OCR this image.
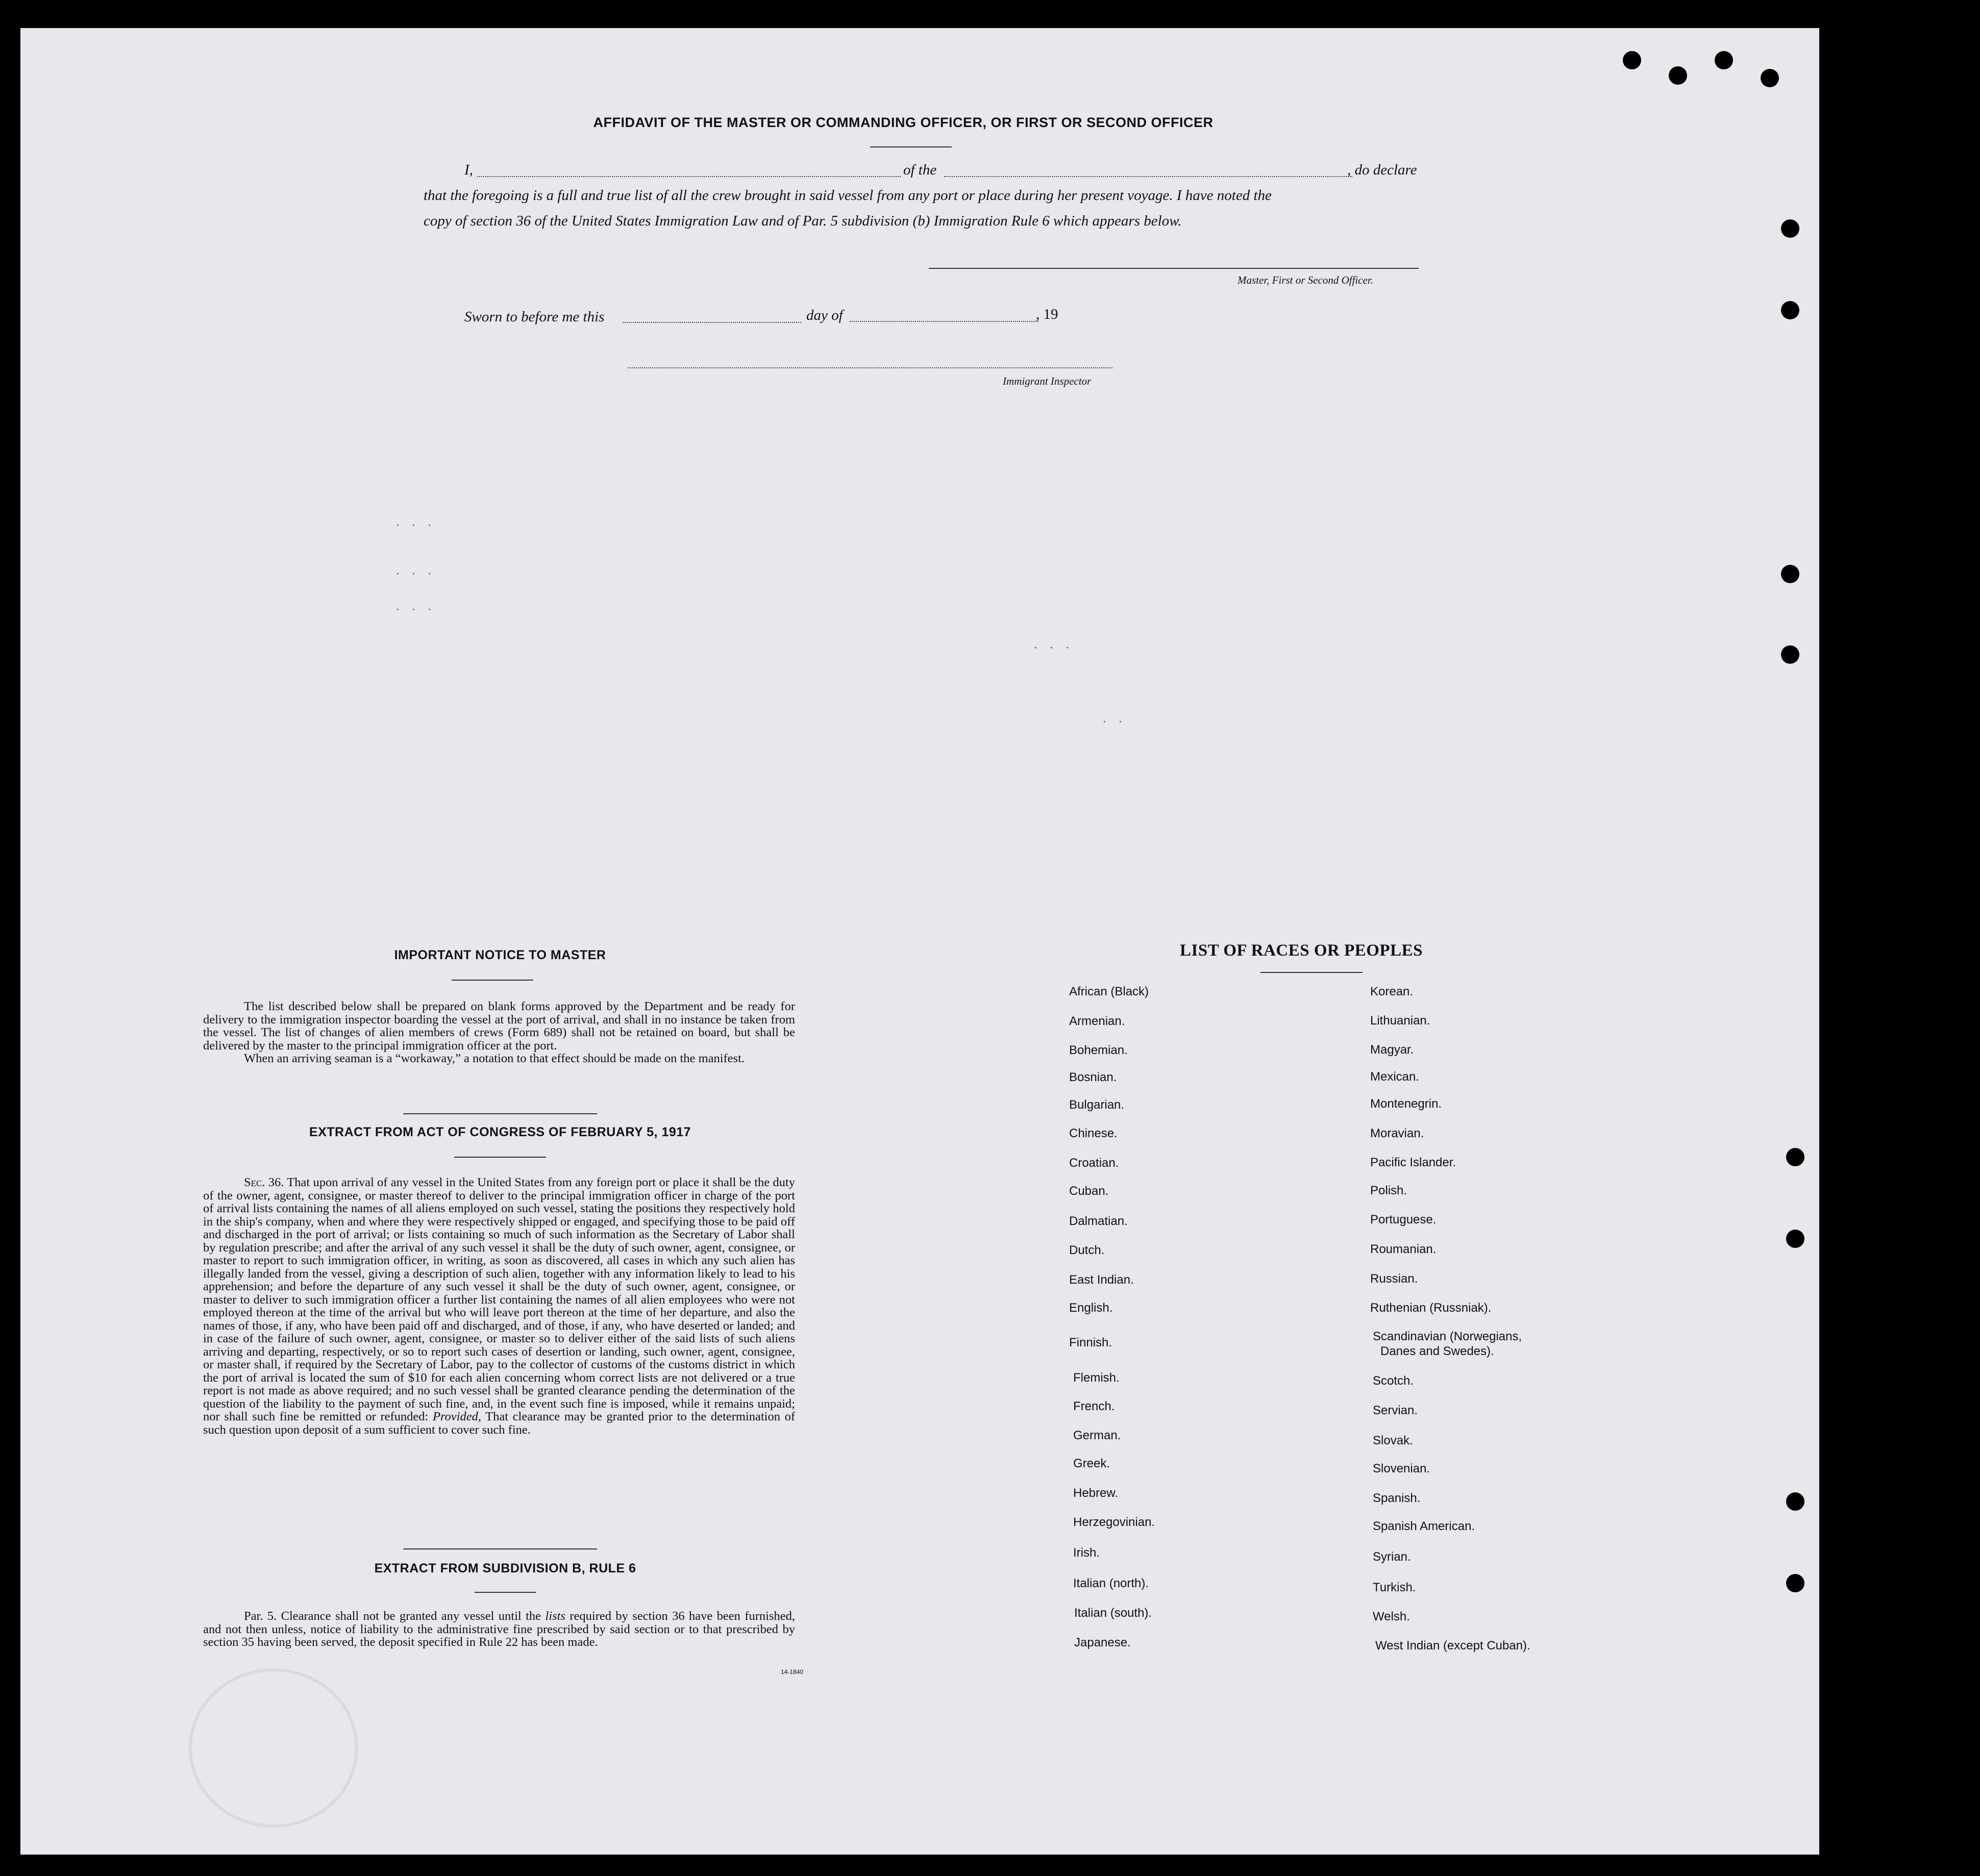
AFFIDAVIT OF THE MASTER OR COMMANDING OFFICER, OR FIRST OR SECOND OFFICER
I,	of the	, do declare
that the foregoing is a full and true list of all the crew brought in said vessel from any port or place during her present voyage. I have noted the
copy of section 36 of the United States Immigration Law and of Par. 5 subdivision (b) Immigration Rule 6 which appears below.
Master, First or Second Officer.
Sworn to before me this	day of	, 19
Immigrant Inspector
· · ·
· · ·
· · ·
· · ·
· ·
IMPORTANT NOTICE TO MASTER
The list described below shall be prepared on blank forms approved by the Department and be ready for delivery to the immigration inspector boarding the vessel at the port of arrival, and shall in no instance be taken from the vessel. The list of changes of alien members of crews (Form 689) shall not be retained on board, but shall be delivered by the master to the principal immigration officer at the port.
When an arriving seaman is a “workaway,” a notation to that effect should be made on the manifest.
EXTRACT FROM ACT OF CONGRESS OF FEBRUARY 5, 1917
Sec. 36. That upon arrival of any vessel in the United States from any foreign port or place it shall be the duty of the owner, agent, consignee, or master thereof to deliver to the principal immigration officer in charge of the port of arrival lists containing the names of all aliens employed on such vessel, stating the positions they respectively hold in the ship's company, when and where they were respectively shipped or engaged, and specifying those to be paid off and discharged in the port of arrival; or lists containing so much of such information as the Secretary of Labor shall by regulation prescribe; and after the arrival of any such vessel it shall be the duty of such owner, agent, consignee, or master to report to such immigration officer, in writing, as soon as discovered, all cases in which any such alien has illegally landed from the vessel, giving a description of such alien, together with any information likely to lead to his apprehension; and before the departure of any such vessel it shall be the duty of such owner, agent, consignee, or master to deliver to such immigration officer a further list containing the names of all alien employees who were not employed thereon at the time of the arrival but who will leave port thereon at the time of her departure, and also the names of those, if any, who have been paid off and discharged, and of those, if any, who have deserted or landed; and in case of the failure of such owner, agent, consignee, or master so to deliver either of the said lists of such aliens arriving and departing, respectively, or so to report such cases of desertion or landing, such owner, agent, consignee, or master shall, if required by the Secretary of Labor, pay to the collector of customs of the customs district in which the port of arrival is located the sum of $10 for each alien concerning whom correct lists are not delivered or a true report is not made as above required; and no such vessel shall be granted clearance pending the determination of the question of the liability to the payment of such fine, and, in the event such fine is imposed, while it remains unpaid; nor shall such fine be remitted or refunded: Provided, That clearance may be granted prior to the determination of such question upon deposit of a sum sufficient to cover such fine.
EXTRACT FROM SUBDIVISION B, RULE 6
Par. 5. Clearance shall not be granted any vessel until the lists required by section 36 have been furnished, and not then unless, notice of liability to the administrative fine prescribed by said section or to that prescribed by section 35 having been served, the deposit specified in Rule 22 has been made.
14-1840
LIST OF RACES OR PEOPLES
African (Black)
Armenian.
Bohemian.
Bosnian.
Bulgarian.
Chinese.
Croatian.
Cuban.
Dalmatian.
Dutch.
East Indian.
English.
Finnish.
Flemish.
French.
German.
Greek.
Hebrew.
Herzegovinian.
Irish.
Italian (north).
Italian (south).
Japanese.
Korean.
Lithuanian.
Magyar.
Mexican.
Montenegrin.
Moravian.
Pacific Islander.
Polish.
Portuguese.
Roumanian.
Russian.
Ruthenian (Russniak).
Scandinavian (Norwegians,
Danes and Swedes).
Scotch.
Servian.
Slovak.
Slovenian.
Spanish.
Spanish American.
Syrian.
Turkish.
Welsh.
West Indian (except Cuban).
